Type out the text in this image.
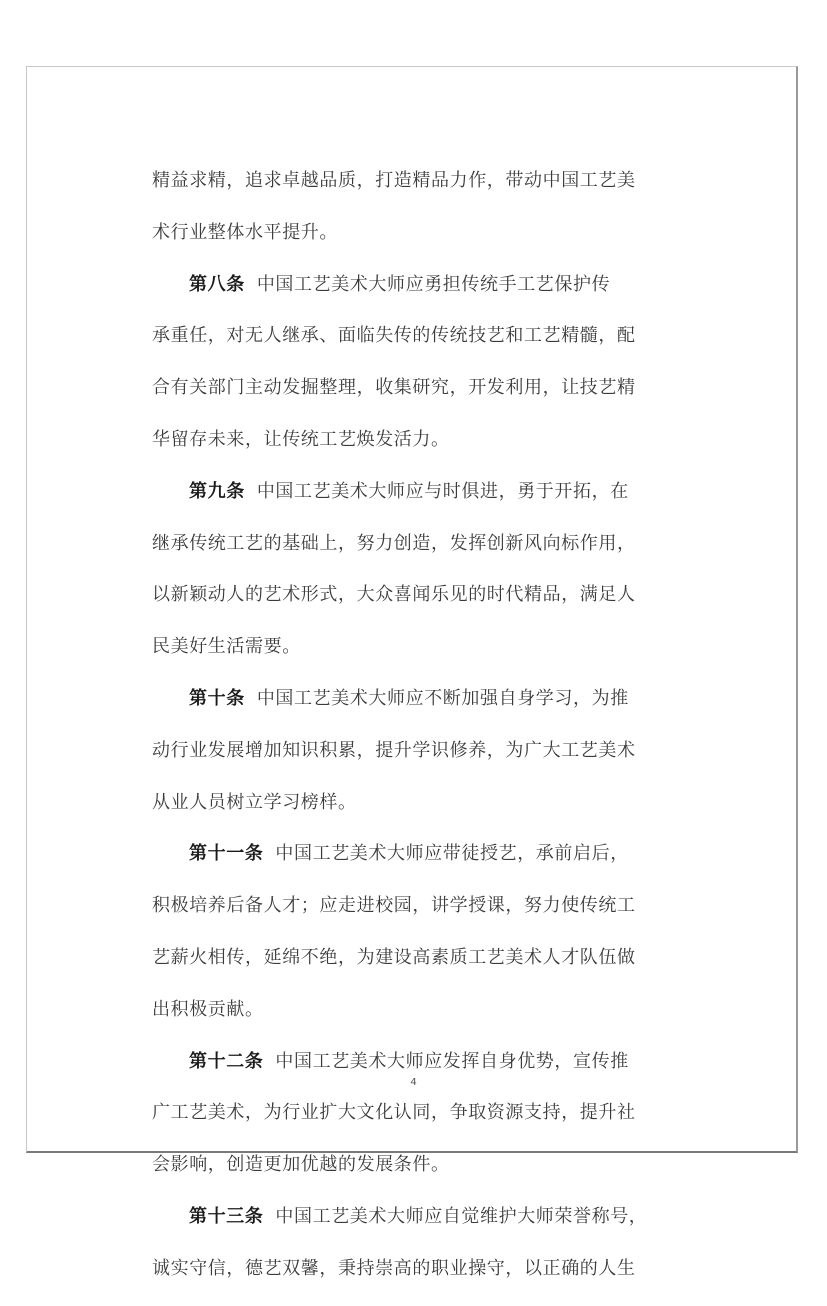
精益求精，追求卓越品质，打造精品力作，带动中国工艺美
术行业整体水平提升。
第八条 中国工艺美术大师应勇担传统手工艺保护传
承重任，对无人继承、面临失传的传统技艺和工艺精髓，配
合有关部门主动发掘整理，收集研究，开发利用，让技艺精
华留存未来，让传统工艺焕发活力。
第九条 中国工艺美术大师应与时俱进，勇于开拓，在
继承传统工艺的基础上，努力创造，发挥创新风向标作用，
以新颖动人的艺术形式，大众喜闻乐见的时代精品，满足人
民美好生活需要。
第十条 中国工艺美术大师应不断加强自身学习，为推
动行业发展增加知识积累，提升学识修养，为广大工艺美术
从业人员树立学习榜样。
第十一条 中国工艺美术大师应带徒授艺，承前启后，
积极培养后备人才；应走进校园，讲学授课，努力使传统工
艺薪火相传，延绵不绝，为建设高素质工艺美术人才队伍做
出积极贡献。
第十二条 中国工艺美术大师应发挥自身优势，宣传推
广工艺美术，为行业扩大文化认同，争取资源支持，提升社
会影响，创造更加优越的发展条件。
第十三条 中国工艺美术大师应自觉维护大师荣誉称号，
诚实守信，德艺双馨，秉持崇高的职业操守，以正确的人生
4
